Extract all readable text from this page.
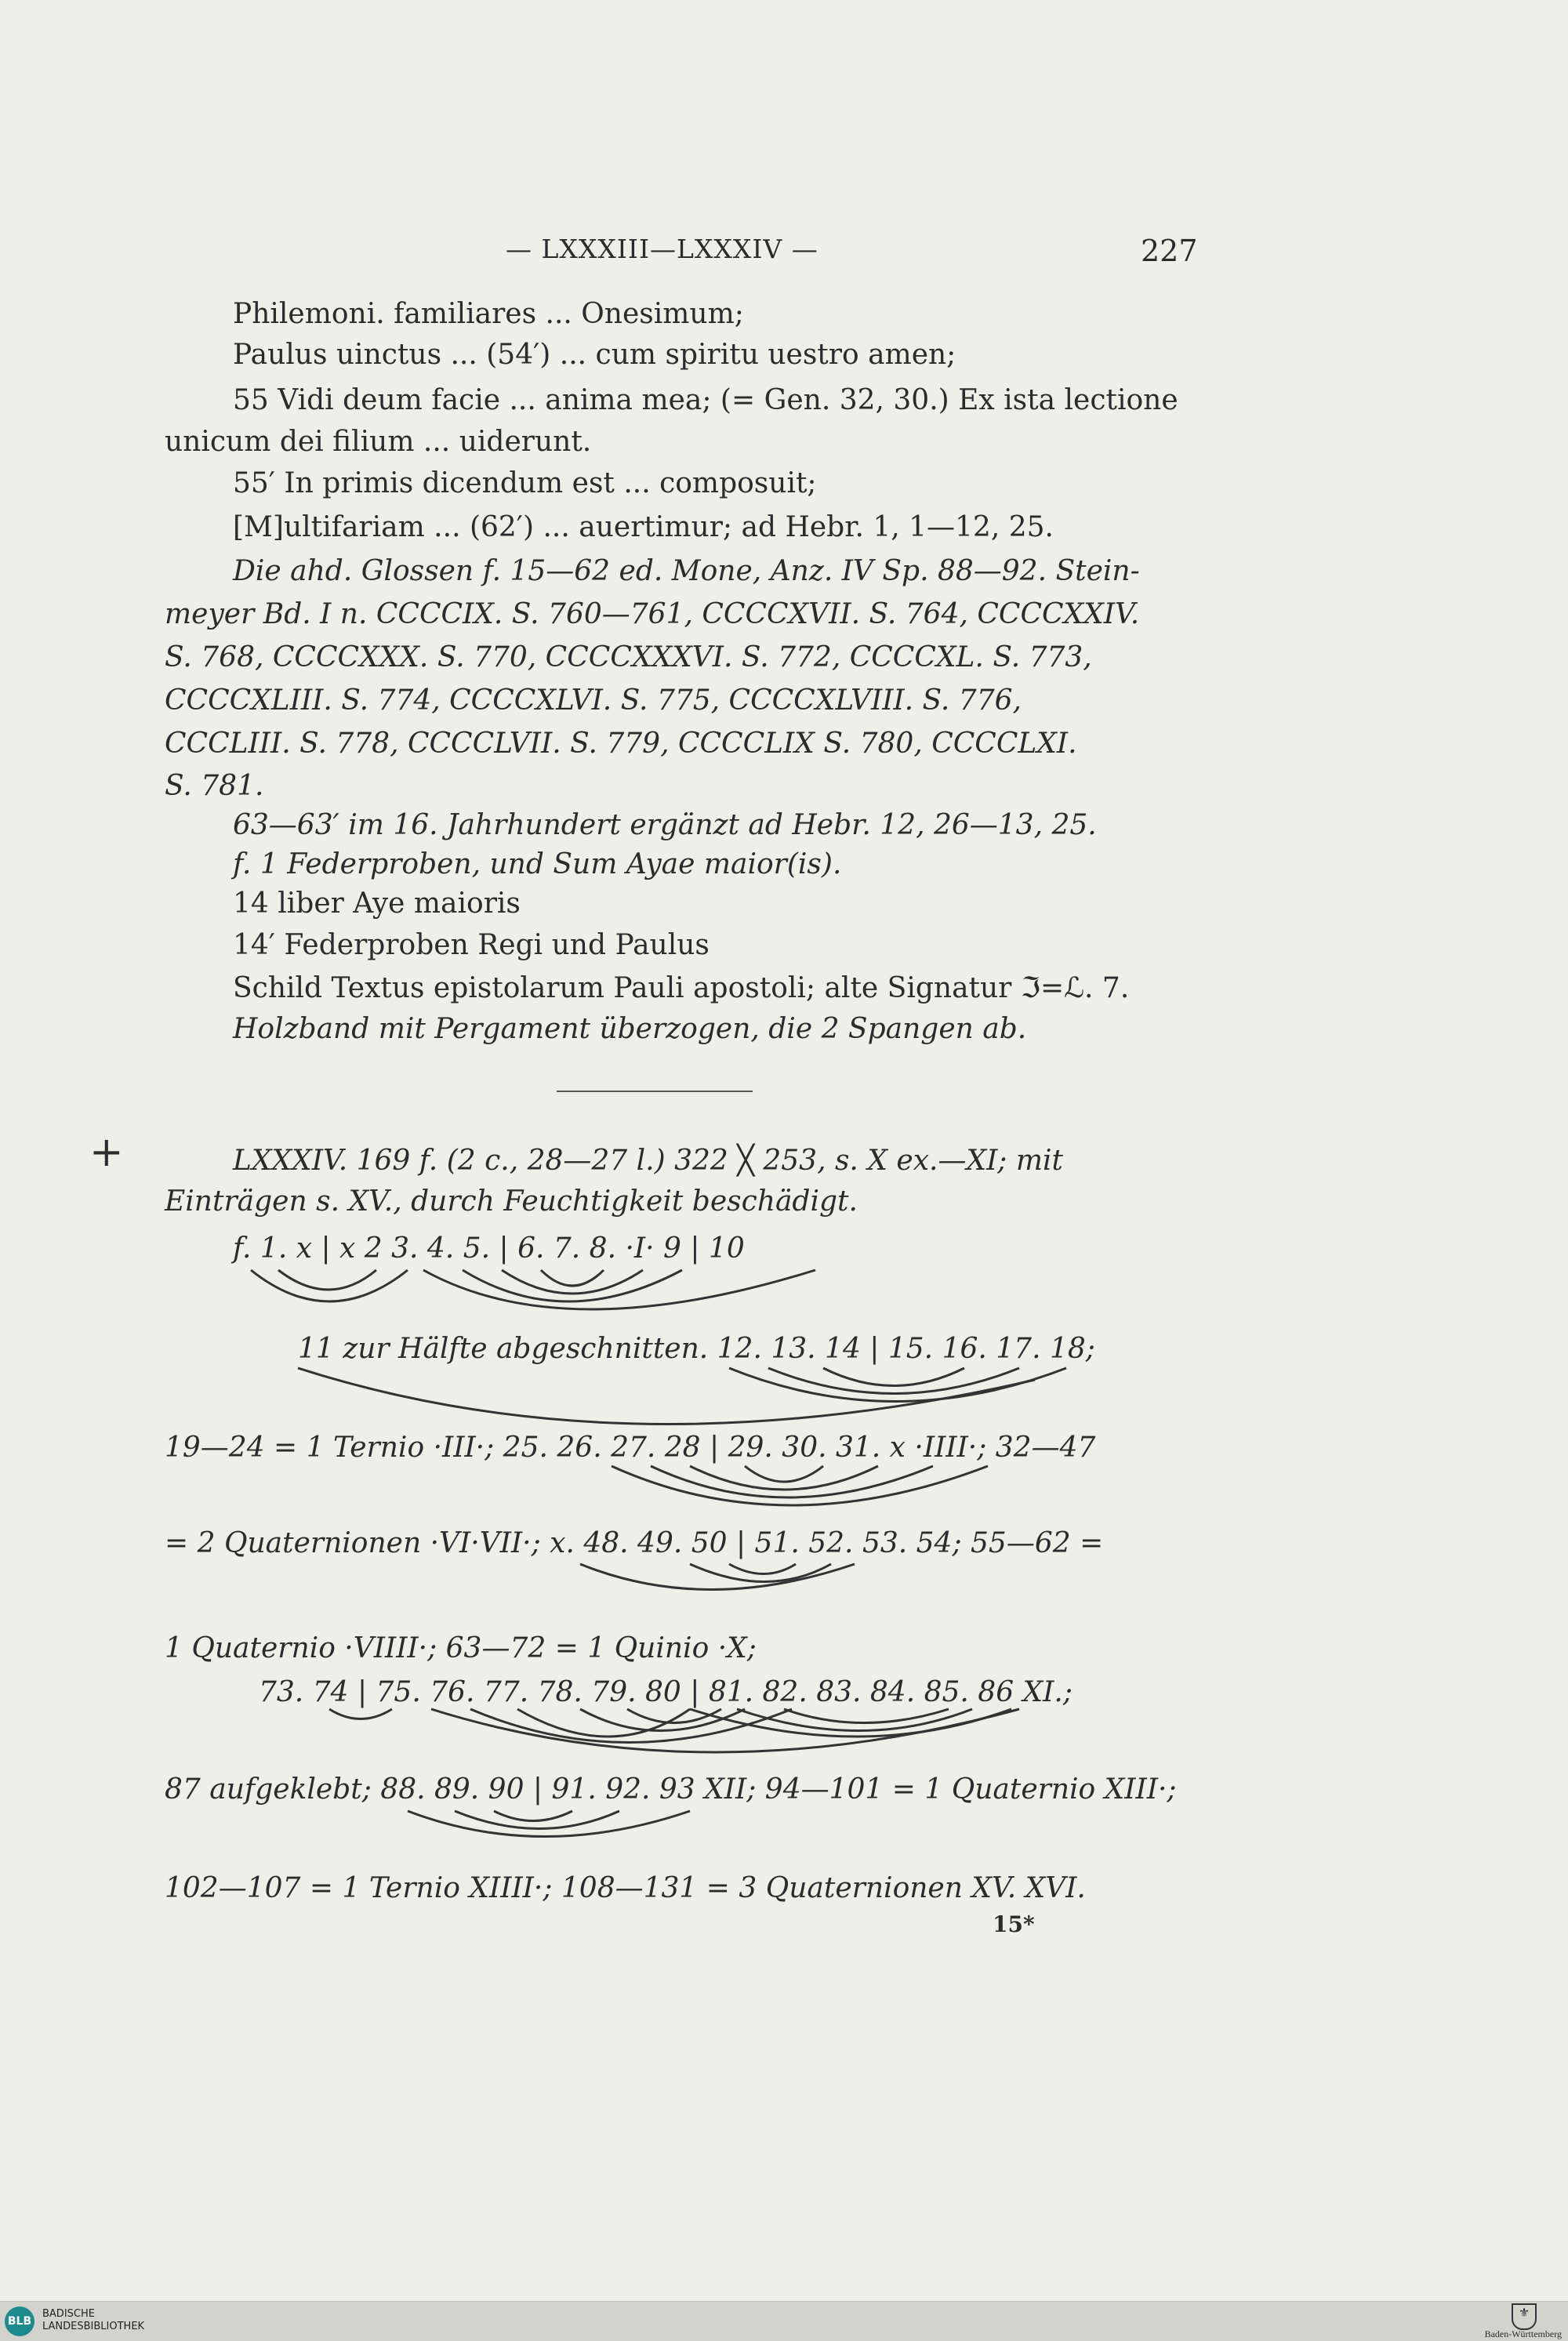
— LXXXIII—LXXXIV —	227
Philemoni. familiares ... Onesimum;
Paulus uinctus ... (54′) ... cum spiritu uestro amen;
55 Vidi deum facie ... anima mea; (= Gen. 32, 30.) Ex ista lectione
unicum dei filium ... uiderunt.
55′ In primis dicendum est ... composuit;
[M]ultifariam ... (62′) ... auertimur; ad Hebr. 1, 1—12, 25.
Die ahd. Glossen f. 15—62 ed. Mone, Anz. IV Sp. 88—92. Stein-
meyer Bd. I n. CCCCIX. S. 760—761, CCCCXVII. S. 764, CCCCXXIV.
S. 768, CCCCXXX. S. 770, CCCCXXXVI. S. 772, CCCCXL. S. 773,
CCCCXLIII. S. 774, CCCCXLVI. S. 775, CCCCXLVIII. S. 776,
CCCLIII. S. 778, CCCCLVII. S. 779, CCCCLIX S. 780, CCCCLXI.
S. 781.
63—63′ im 16. Jahrhundert ergänzt ad Hebr. 12, 26—13, 25.
f. 1 Federproben, und Sum Ayae maior(is).
14 liber Aye maioris
14′ Federproben Regi und Paulus
Schild Textus epistolarum Pauli apostoli; alte Signatur ℑ=ℒ. 7.
Holzband mit Pergament überzogen, die 2 Spangen ab.
+	LXXXIV. 169 f. (2 c., 28—27 l.) 322 ╳ 253, s. X ex.—XI; mit
Einträgen s. XV., durch Feuchtigkeit beschädigt.
f. 1. x | x 2 3. 4. 5. | 6. 7. 8. ·I· 9 | 10
11 zur Hälfte abgeschnitten. 12. 13. 14 | 15. 16. 17. 18;
19—24 = 1 Ternio ·III·; 25. 26. 27. 28 | 29. 30. 31. x ·IIII·; 32—47
= 2 Quaternionen ·VI·VII·; x. 48. 49. 50 | 51. 52. 53. 54; 55—62 =
1 Quaternio ·VIIII·; 63—72 = 1 Quinio ·X;
73. 74 | 75. 76. 77. 78. 79. 80 | 81. 82. 83. 84. 85. 86 XI.;
87 aufgeklebt; 88. 89. 90 | 91. 92. 93 XII; 94—101 = 1 Quaternio XIII·;
102—107 = 1 Ternio XIIII·; 108—131 = 3 Quaternionen XV. XVI.
15*
BLB
BADISCHE
LANDESBIBLIOTHEK
⚜
Baden-Württemberg
